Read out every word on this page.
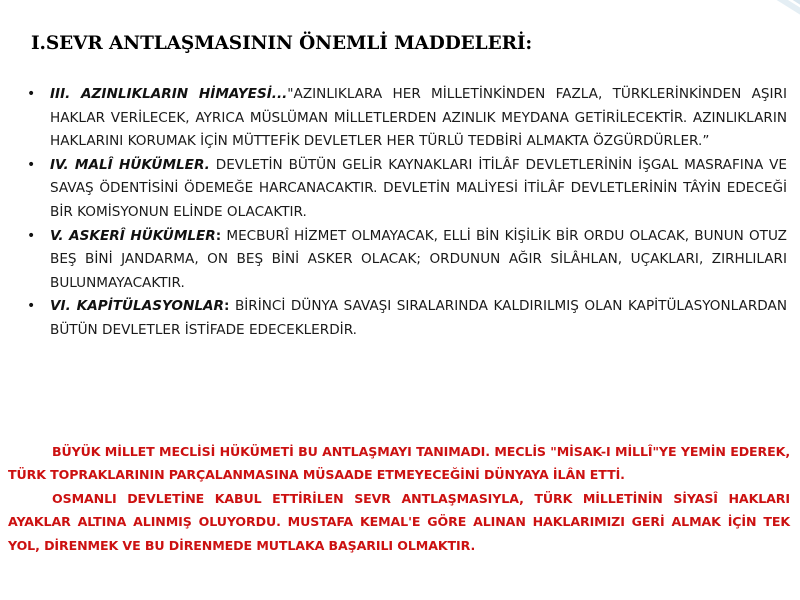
I.SEVR ANTLAŞMASININ ÖNEMLİ MADDELERİ:
• III. AZINLIKLARIN HİMAYESİ..."AZINLIKLARA HER MİLLETİNKİNDEN FAZLA, TÜRKLERİNKİNDEN AŞIRI HAKLAR VERİLECEK, AYRICA MÜSLÜMAN MİLLETLERDEN AZINLIK MEYDANA GETİRİLECEKTİR. AZINLIKLARIN HAKLARINI KORUMAK İÇİN MÜTTEFİK DEVLETLER HER TÜRLÜ TEDBİRİ ALMAKTA ÖZGÜRDÜRLER.”
• IV. MALÎ HÜKÜMLER. DEVLETİN BÜTÜN GELİR KAYNAKLARI İTİLÂF DEVLETLERİNİN İŞGAL MASRAFINA VE SAVAŞ ÖDENTİSİNİ ÖDEMEĞE HARCANACAKTIR. DEVLETİN MALİYESİ İTİLÂF DEVLETLERİNİN TÂYİN EDECEĞİ BİR KOMİSYONUN ELİNDE OLACAKTIR.
• V. ASKERÎ HÜKÜMLER: MECBURÎ HİZMET OLMAYACAK, ELLİ BİN KİŞİLİK BİR ORDU OLACAK, BUNUN OTUZ BEŞ BİNİ JANDARMA, ON BEŞ BİNİ ASKER OLACAK; ORDUNUN AĞIR SİLÂHLAN, UÇAKLARI, ZIRHLILARI BULUNMAYACAKTIR.
• VI. KAPİTÜLASYONLAR: BİRİNCİ DÜNYA SAVAŞI SIRALARINDA KALDIRILMIŞ OLAN KAPİTÜLASYONLARDAN BÜTÜN DEVLETLER İSTİFADE EDECEKLERDİR.

BÜYÜK MİLLET MECLİSİ HÜKÜMETİ BU ANTLAŞMAYI TANIMADI. MECLİS "MİSAK-I MİLLÎ"YE YEMİN EDEREK, TÜRK TOPRAKLARININ PARÇALANMASINA MÜSAADE ETMEYECEĞİNİ DÜNYAYA İLÂN ETTİ.

OSMANLI DEVLETİNE KABUL ETTİRİLEN SEVR ANTLAŞMASIYLA, TÜRK MİLLETİNİN SİYASÎ HAKLARI AYAKLAR ALTINA ALINMIŞ OLUYORDU. MUSTAFA KEMAL'E GÖRE ALINAN HAKLARIMIZI GERİ ALMAK İÇİN TEK YOL, DİRENMEK VE BU DİRENMEDE MUTLAKA BAŞARILI OLMAKTIR.
